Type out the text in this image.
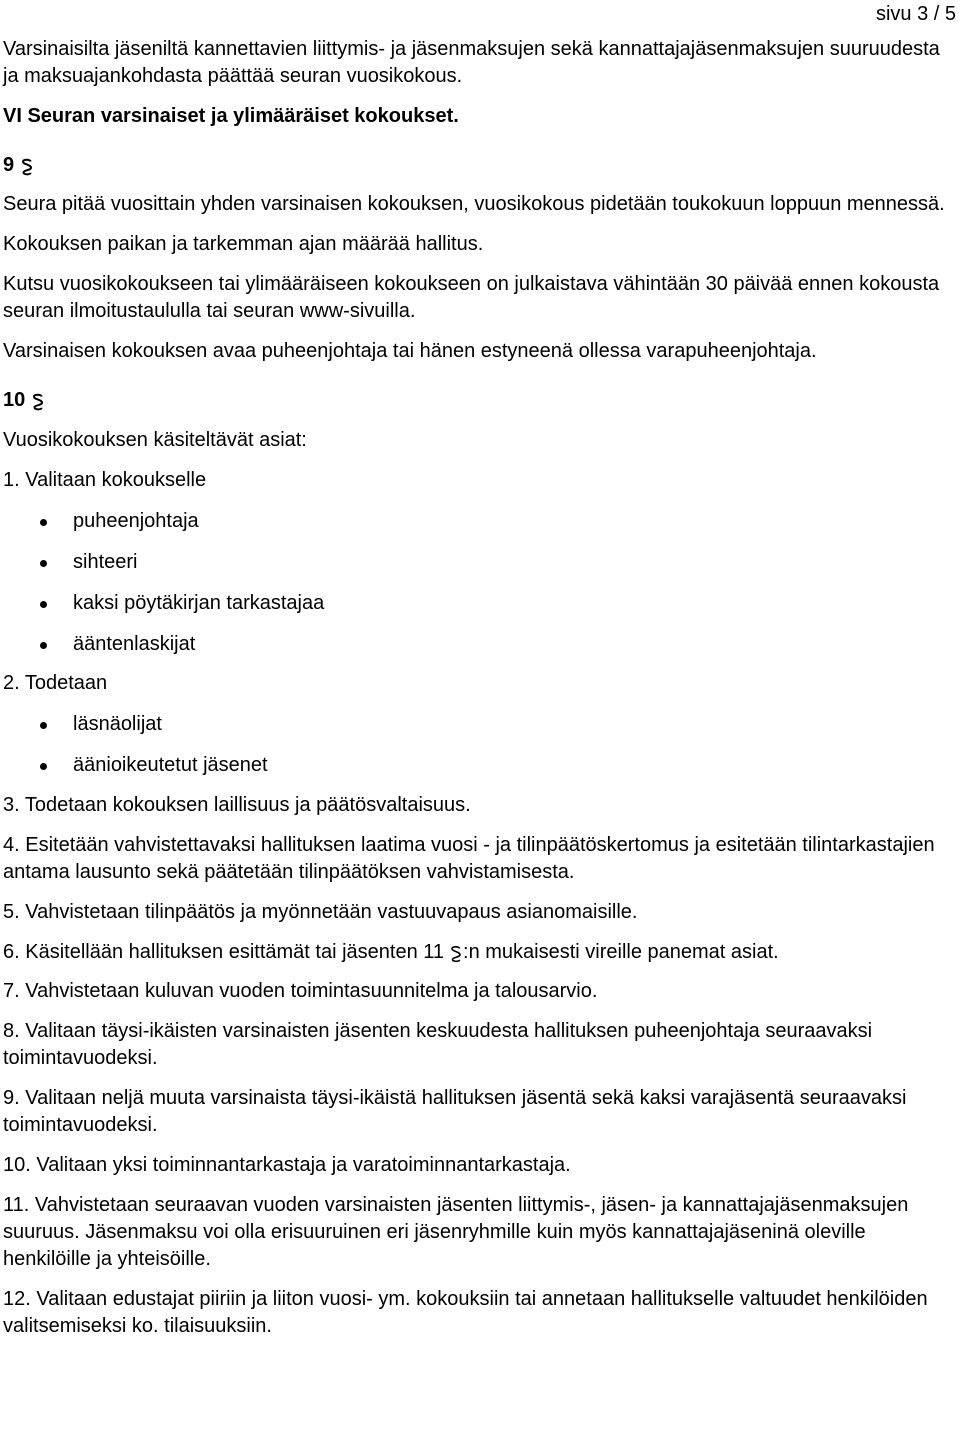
sivu 3 / 5

Varsinaisilta jäseniltä kannettavien liittymis- ja jäsenmaksujen sekä kannattajajäsenmaksujen suuruudesta ja maksuajankohdasta päättää seuran vuosikokous.

VI Seuran varsinaiset ja ylimääräiset kokoukset.

9

Seura pitää vuosittain yhden varsinaisen kokouksen, vuosikokous pidetään toukokuun loppuun mennessä.

Kokouksen paikan ja tarkemman ajan määrää hallitus.

Kutsu vuosikokoukseen tai ylimääräiseen kokoukseen on julkaistava vähintään 30 päivää ennen kokousta seuran ilmoitustaululla tai seuran www-sivuilla.

Varsinaisen kokouksen avaa puheenjohtaja tai hänen estyneenä ollessa varapuheenjohtaja.

10

Vuosikokouksen käsiteltävät asiat:

1. Valitaan kokoukselle

puheenjohtaja
sihteeri
kaksi pöytäkirjan tarkastajaa
ääntenlaskijat

2. Todetaan

läsnäolijat
äänioikeutetut jäsenet

3. Todetaan kokouksen laillisuus ja päätösvaltaisuus.

4. Esitetään vahvistettavaksi hallituksen laatima vuosi - ja tilinpäätöskertomus ja esitetään tilintarkastajien antama lausunto sekä päätetään tilinpäätöksen vahvistamisesta.

5. Vahvistetaan tilinpäätös ja myönnetään vastuuvapaus asianomaisille.

6. Käsitellään hallituksen esittämät tai jäsenten 11 :n mukaisesti vireille panemat asiat.

7. Vahvistetaan kuluvan vuoden toimintasuunnitelma ja talousarvio.

8. Valitaan täysi-ikäisten varsinaisten jäsenten keskuudesta hallituksen puheenjohtaja seuraavaksi toimintavuodeksi.

9. Valitaan neljä muuta varsinaista täysi-ikäistä hallituksen jäsentä sekä kaksi varajäsentä seuraavaksi toimintavuodeksi.

10. Valitaan yksi toiminnantarkastaja ja varatoiminnantarkastaja.

11. Vahvistetaan seuraavan vuoden varsinaisten jäsenten liittymis-, jäsen- ja kannattajajäsenmaksujen suuruus. Jäsenmaksu voi olla erisuuruinen eri jäsenryhmille kuin myös kannattajajäseninä oleville henkilöille ja yhteisöille.

12. Valitaan edustajat piiriin ja liiton vuosi- ym. kokouksiin tai annetaan hallitukselle valtuudet henkilöiden valitsemiseksi ko. tilaisuuksiin.
